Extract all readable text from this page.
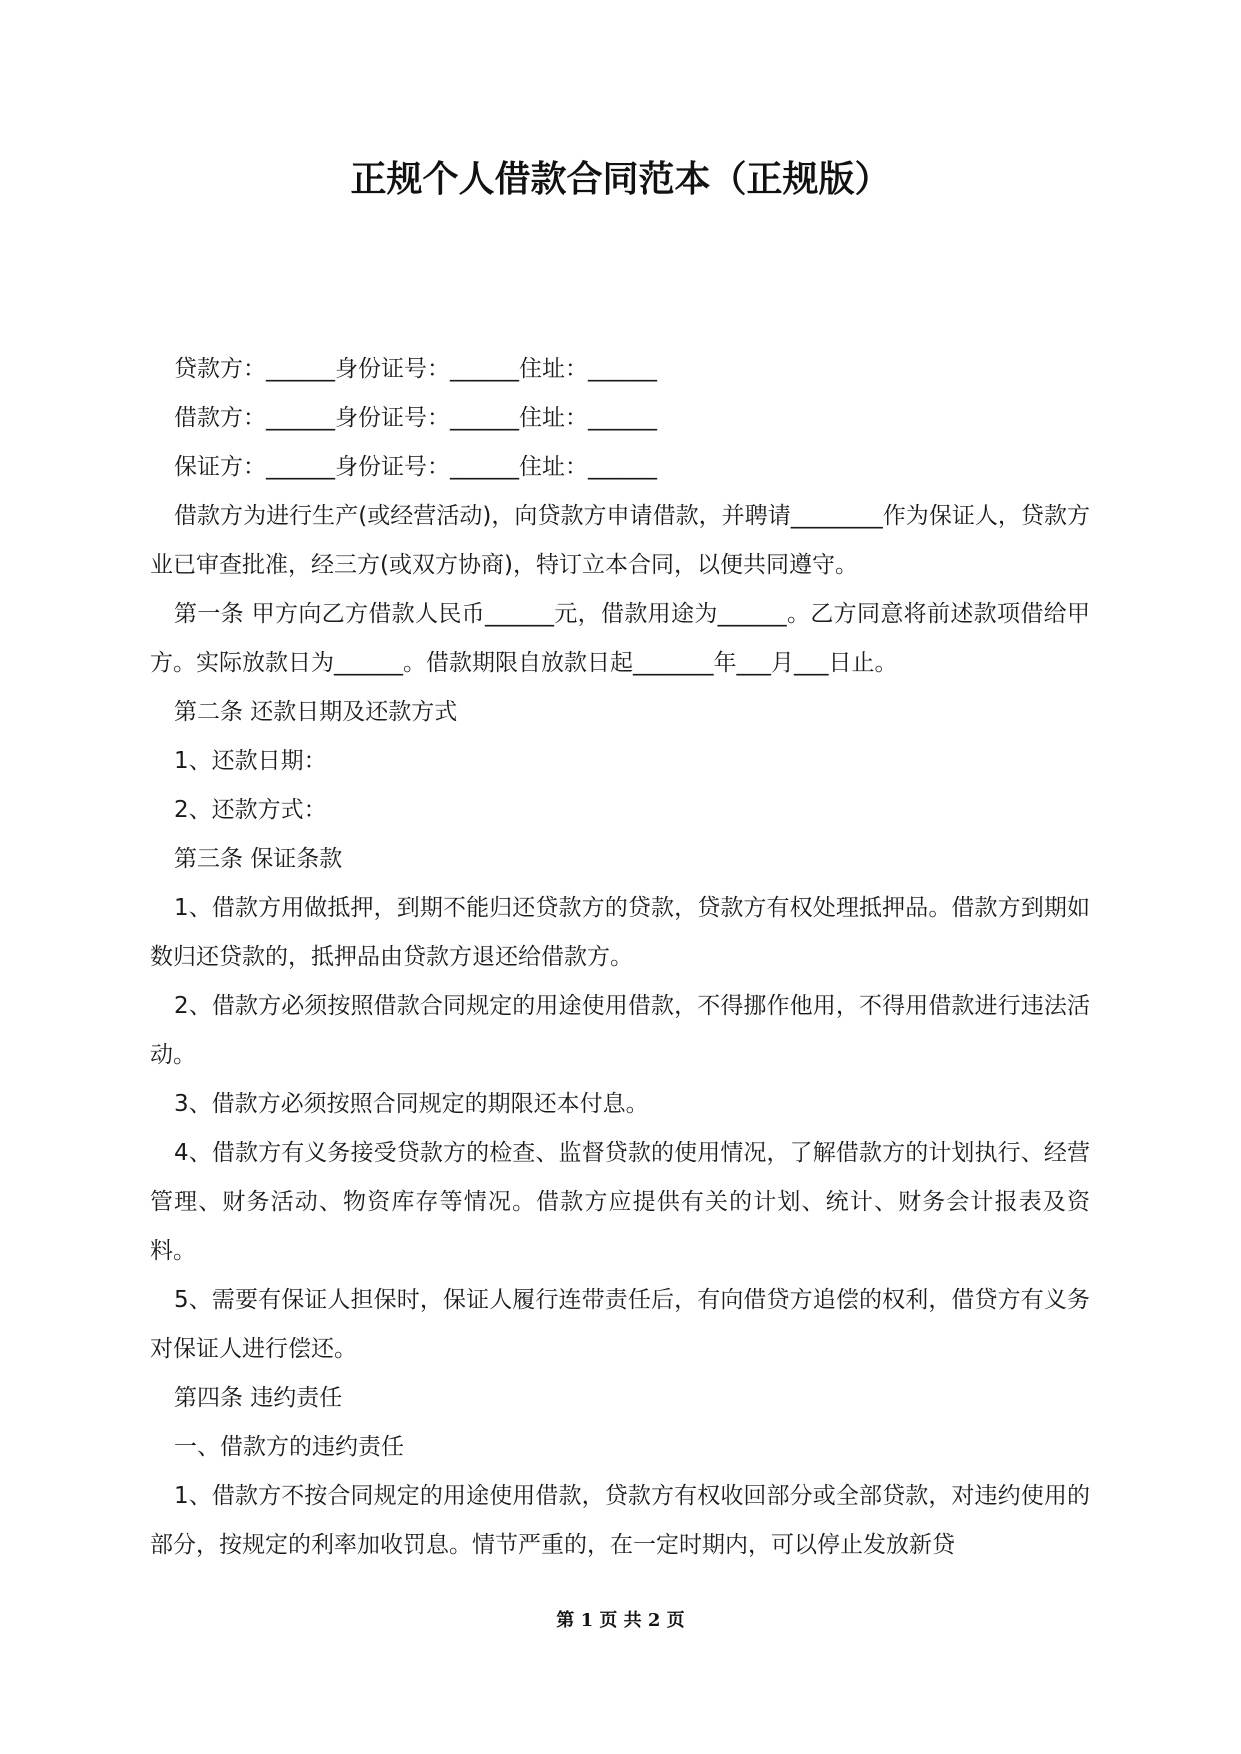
正规个人借款合同范本（正规版）

贷款方：______身份证号：______住址：______

借款方：______身份证号：______住址：______

保证方：______身份证号：______住址：______

借款方为进行生产(或经营活动)，向贷款方申请借款，并聘请________作为保证人，贷款方业已审查批准，经三方(或双方协商)，特订立本合同，以便共同遵守。

第一条 甲方向乙方借款人民币______元，借款用途为______。乙方同意将前述款项借给甲方。实际放款日为______。借款期限自放款日起_______年___月___日止。

第二条 还款日期及还款方式

1、还款日期：

2、还款方式：

第三条 保证条款

1、借款方用做抵押，到期不能归还贷款方的贷款，贷款方有权处理抵押品。借款方到期如数归还贷款的，抵押品由贷款方退还给借款方。

2、借款方必须按照借款合同规定的用途使用借款，不得挪作他用，不得用借款进行违法活动。

3、借款方必须按照合同规定的期限还本付息。

4、借款方有义务接受贷款方的检查、监督贷款的使用情况，了解借款方的计划执行、经营管理、财务活动、物资库存等情况。借款方应提供有关的计划、统计、财务会计报表及资料。

5、需要有保证人担保时，保证人履行连带责任后，有向借贷方追偿的权利，借贷方有义务对保证人进行偿还。

第四条 违约责任

一、借款方的违约责任

1、借款方不按合同规定的用途使用借款，贷款方有权收回部分或全部贷款，对违约使用的部分，按规定的利率加收罚息。情节严重的，在一定时期内，可以停止发放新贷

第 1 页 共 2 页
